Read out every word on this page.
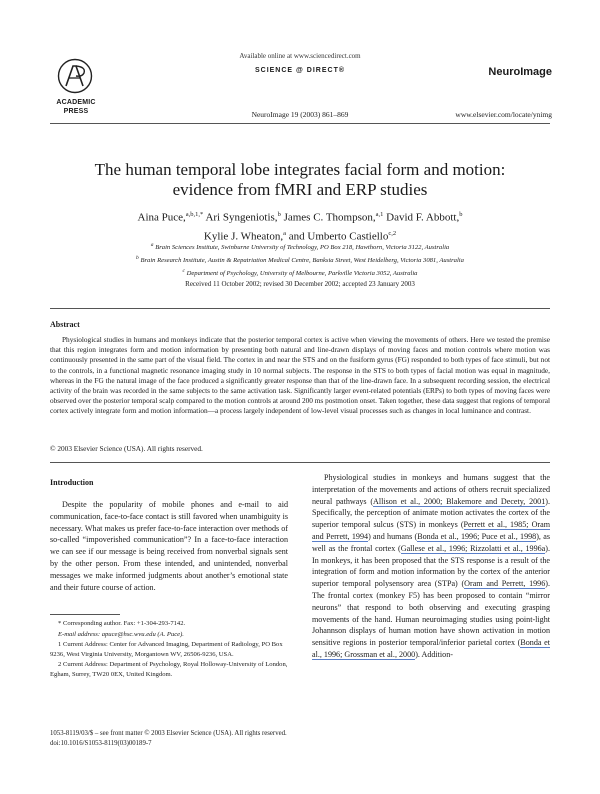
ACADEMIC PRESS
Available online at www.sciencedirect.com
SCIENCE @ DIRECT®	NeuroImage
NeuroImage 19 (2003) 861–869	www.elsevier.com/locate/ynimg
The human temporal lobe integrates facial form and motion:
evidence from fMRI and ERP studies
Aina Puce,$^{a,b,1,*}$ Ari Syngeniotis,$^b$ James C. Thompson,$^{a,1}$ David F. Abbott,$^b$
Kylie J. Wheaton,$^a$ and Umberto Castiello$^{c,2}$
$^a$ Brain Sciences Institute, Swinburne University of Technology, PO Box 218, Hawthorn, Victoria 3122, Australia
$^b$ Brain Research Institute, Austin & Repatriation Medical Centre, Banksia Street, West Heidelberg, Victoria 3081, Australia
$^c$ Department of Psychology, University of Melbourne, Parkville Victoria 3052, Australia
Received 11 October 2002; revised 30 December 2002; accepted 23 January 2003
Abstract
Physiological studies in humans and monkeys indicate that the posterior temporal cortex is active when viewing the movements of others. Here we tested the premise that this region integrates form and motion information by presenting both natural and line-drawn displays of moving faces and motion controls where motion was continuously presented in the same part of the visual field. The cortex in and near the STS and on the fusiform gyrus (FG) responded to both types of face stimuli, but not to the controls, in a functional magnetic resonance imaging study in 10 normal subjects. The response in the STS to both types of facial motion was equal in magnitude, whereas in the FG the natural image of the face produced a significantly greater response than that of the line-drawn face. In a subsequent recording session, the electrical activity of the brain was recorded in the same subjects to the same activation task. Significantly larger event-related potentials (ERPs) to both types of moving faces were observed over the posterior temporal scalp compared to the motion controls at around 200 ms postmotion onset. Taken together, these data suggest that regions of temporal cortex actively integrate form and motion information—a process largely independent of low-level visual processes such as changes in local luminance and contrast.
© 2003 Elsevier Science (USA). All rights reserved.
Introduction

Despite the popularity of mobile phones and e-mail to aid communication, face-to-face contact is still favored when unambiguity is necessary. What makes us prefer face-to-face interaction over methods of so-called “impoverished communication”? In a face-to-face interaction we can see if our message is being received from nonverbal signals sent by the other person. From these intended, and unintended, nonverbal messages we make informed judgments about another’s emotional state and their future course of action.

Physiological studies in monkeys and humans suggest that the interpretation of the movements and actions of others recruit specialized neural pathways (Allison et al., 2000; Blakemore and Decety, 2001). Specifically, the perception of animate motion activates the cortex of the superior temporal sulcus (STS) in monkeys (Perrett et al., 1985; Oram and Perrett, 1994) and humans (Bonda et al., 1996; Puce et al., 1998), as well as the frontal cortex (Gallese et al., 1996; Rizzolatti et al., 1996a). In monkeys, it has been proposed that the STS response is a result of the integration of form and motion information by the cortex of the anterior superior temporal polysensory area (STPa) (Oram and Perrett, 1996). The frontal cortex (monkey F5) has been proposed to contain “mirror neurons” that respond to both observing and executing grasping movements of the hand. Human neuroimaging studies using point-light Johannson displays of human motion have shown activation in motion sensitive regions in posterior temporal/inferior parietal cortex (Bonda et al., 1996; Grossman et al., 2000). Addition-

* Corresponding author. Fax: +1-304-293-7142.

E-mail address: apuce@hsc.wvu.edu (A. Puce).

1 Current Address: Center for Advanced Imaging, Department of Radiology, PO Box 9236, West Virginia University, Morgantown WV, 26506-9236, USA.

2 Current Address: Department of Psychology, Royal Holloway-University of London, Egham, Surrey, TW20 0EX, United Kingdom.

1053-8119/03/$ – see front matter © 2003 Elsevier Science (USA). All rights reserved.
doi:10.1016/S1053-8119(03)00189-7
